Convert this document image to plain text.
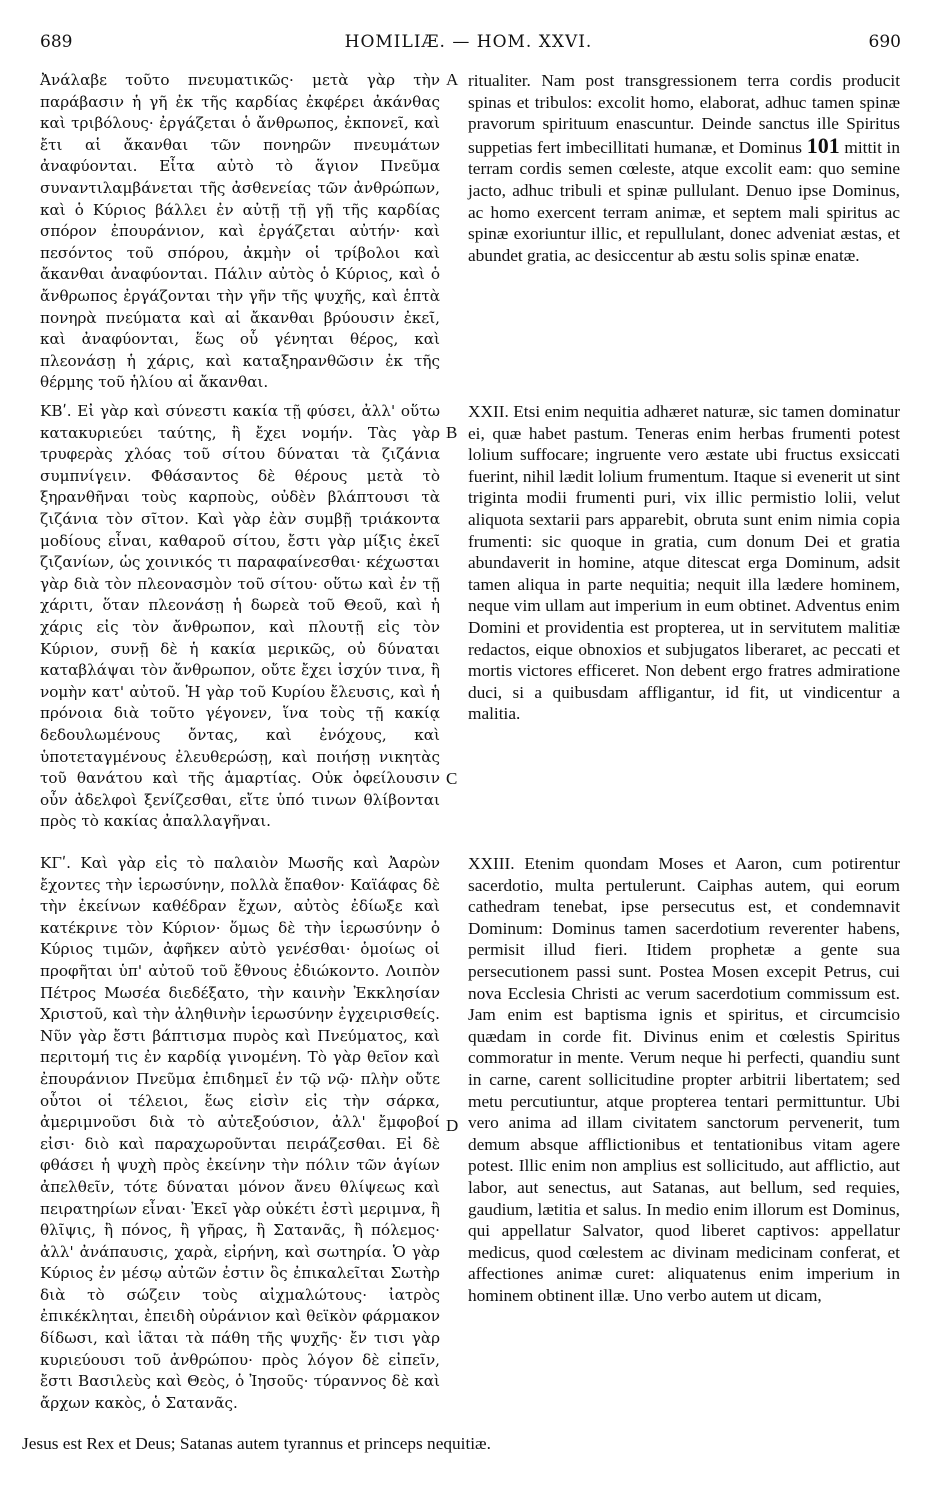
689	HOMILIÆ. — HOM. XXVI.	690

Ἀνάλαβε τοῦτο πνευματικῶς· μετὰ γὰρ τὴν παράβασιν ἡ γῆ ἐκ τῆς καρδίας ἐκφέρει ἀκάνθας καὶ τριβόλους· ἐργάζεται ὁ ἄνθρωπος, ἐκπονεῖ, καὶ ἔτι αἱ ἄκανθαι τῶν πονηρῶν πνευμάτων ἀναφύονται. Εἶτα αὐτὸ τὸ ἅγιον Πνεῦμα συναντιλαμβάνεται τῆς ἀσθενείας τῶν ἀνθρώπων, καὶ ὁ Κύριος βάλλει ἐν αὐτῇ τῇ γῇ τῆς καρδίας σπόρον ἐπουράνιον, καὶ ἐργάζεται αὐτήν· καὶ πεσόντος τοῦ σπόρου, ἀκμὴν οἱ τρίβολοι καὶ ἄκανθαι ἀναφύονται. Πάλιν αὐτὸς ὁ Κύριος, καὶ ὁ ἄνθρωπος ἐργάζονται τὴν γῆν τῆς ψυχῆς, καὶ ἑπτὰ πονηρὰ πνεύματα καὶ αἱ ἄκανθαι βρύουσιν ἐκεῖ, καὶ ἀναφύονται, ἕως οὗ γένηται θέρος, καὶ πλεονάσῃ ἡ χάρις, καὶ καταξηρανθῶσιν ἐκ τῆς θέρμης τοῦ ἡλίου αἱ ἄκανθαι.

ΚΒʹ. Εἰ γὰρ καὶ σύνεστι κακία τῇ φύσει, ἀλλ' οὕτω κατακυριεύει ταύτης, ἢ ἔχει νομήν. Τὰς γὰρ τρυφερὰς χλόας τοῦ σίτου δύναται τὰ ζιζάνια συμπνίγειν. Φθάσαντος δὲ θέρους μετὰ τὸ ξηρανθῆναι τοὺς καρποὺς, οὐδὲν βλάπτουσι τὰ ζιζάνια τὸν σῖτον. Καὶ γὰρ ἐὰν συμβῇ τριάκοντα μοδίους εἶναι, καθαροῦ σίτου, ἔστι γὰρ μίξις ἐκεῖ ζιζανίων, ὡς χοινικός τι παραφαίνεσθαι· κέχωσται γὰρ διὰ τὸν πλεονασμὸν τοῦ σίτου· οὕτω καὶ ἐν τῇ χάριτι, ὅταν πλεονάσῃ ἡ δωρεὰ τοῦ Θεοῦ, καὶ ἡ χάρις εἰς τὸν ἄνθρωπον, καὶ πλουτῇ εἰς τὸν Κύριον, συνῇ δὲ ἡ κακία μερικῶς, οὐ δύναται καταβλάψαι τὸν ἄνθρωπον, οὔτε ἔχει ἰσχύν τινα, ἢ νομὴν κατ' αὐτοῦ. Ἡ γὰρ τοῦ Κυρίου ἔλευσις, καὶ ἡ πρόνοια διὰ τοῦτο γέγονεν, ἵνα τοὺς τῇ κακίᾳ δεδουλωμένους ὄντας, καὶ ἐνόχους, καὶ ὑποτεταγμένους ἐλευθερώσῃ, καὶ ποιήσῃ νικητὰς τοῦ θανάτου καὶ τῆς ἁμαρτίας. Οὐκ ὀφείλουσιν οὖν ἀδελφοὶ ξενίζεσθαι, εἴτε ὑπό τινων θλίβονται πρὸς τὸ κακίας ἀπαλλαγῆναι.

ΚΓʹ. Καὶ γὰρ εἰς τὸ παλαιὸν Μωσῆς καὶ Ἀαρὼν ἔχοντες τὴν ἱερωσύνην, πολλὰ ἔπαθον· Καϊάφας δὲ τὴν ἐκείνων καθέδραν ἔχων, αὐτὸς ἐδίωξε καὶ κατέκρινε τὸν Κύριον· ὅμως δὲ τὴν ἱερωσύνην ὁ Κύριος τιμῶν, ἀφῆκεν αὐτὸ γενέσθαι· ὁμοίως οἱ προφῆται ὑπ' αὐτοῦ τοῦ ἔθνους ἐδιώκοντο. Λοιπὸν Πέτρος Μωσέα διεδέξατο, τὴν καινὴν Ἐκκλησίαν Χριστοῦ, καὶ τὴν ἀληθινὴν ἱερωσύνην ἐγχειρισθείς. Νῦν γὰρ ἔστι βάπτισμα πυρὸς καὶ Πνεύματος, καὶ περιτομή τις ἐν καρδίᾳ γινομένη. Τὸ γὰρ θεῖον καὶ ἐπουράνιον Πνεῦμα ἐπιδημεῖ ἐν τῷ νῷ· πλὴν οὔτε οὗτοι οἱ τέλειοι, ἕως εἰσὶν εἰς τὴν σάρκα, ἀμεριμνοῦσι διὰ τὸ αὐτεξούσιον, ἀλλ' ἔμφοβοί εἰσι· διὸ καὶ παραχωροῦνται πειράζεσθαι. Εἰ δὲ φθάσει ἡ ψυχὴ πρὸς ἐκείνην τὴν πόλιν τῶν ἁγίων ἀπελθεῖν, τότε δύναται μόνον ἄνευ θλίψεως καὶ πειρατηρίων εἶναι· Ἐκεῖ γὰρ οὐκέτι ἐστὶ μεριμνα, ἢ θλῖψις, ἢ πόνος, ἢ γῆρας, ἢ Σατανᾶς, ἢ πόλεμος· ἀλλ' ἀνάπαυσις, χαρὰ, εἰρήνη, καὶ σωτηρία. Ὁ γὰρ Κύριος ἐν μέσῳ αὐτῶν ἐστιν ὃς ἐπικαλεῖται Σωτὴρ διὰ τὸ σώζειν τοὺς αἰχμαλώτους· ἰατρὸς ἐπικέκληται, ἐπειδὴ οὐράνιον καὶ θεϊκὸν φάρμακον δίδωσι, καὶ ἰᾶται τὰ πάθη τῆς ψυχῆς· ἔν τισι γὰρ κυριεύουσι τοῦ ἀνθρώπου· πρὸς λόγον δὲ εἰπεῖν, ἔστι Βασιλεὺς καὶ Θεὸς, ὁ Ἰησοῦς· τύραννος δὲ καὶ ἄρχων κακὸς, ὁ Σατανᾶς.

A
B
C
D

ritualiter. Nam post transgressionem terra cordis producit spinas et tribulos: excolit homo, elaborat, adhuc tamen spinæ pravorum spirituum enascuntur. Deinde sanctus ille Spiritus suppetias fert imbecillitati humanæ, et Dominus 101 mittit in terram cordis semen cœleste, atque excolit eam: quo semine jacto, adhuc tribuli et spinæ pullulant. Denuo ipse Dominus, ac homo exercent terram animæ, et septem mali spiritus ac spinæ exoriuntur illic, et repullulant, donec adveniat æstas, et abundet gratia, ac desiccentur ab æstu solis spinæ enatæ.

XXII. Etsi enim nequitia adhæret naturæ, sic tamen dominatur ei, quæ habet pastum. Teneras enim herbas frumenti potest lolium suffocare; ingruente vero æstate ubi fructus exsiccati fuerint, nihil lædit lolium frumentum. Itaque si evenerit ut sint triginta modii frumenti puri, vix illic permistio lolii, velut aliquota sextarii pars apparebit, obruta sunt enim nimia copia frumenti: sic quoque in gratia, cum donum Dei et gratia abundaverit in homine, atque ditescat erga Dominum, adsit tamen aliqua in parte nequitia; nequit illa lædere hominem, neque vim ullam aut imperium in eum obtinet. Adventus enim Domini et providentia est propterea, ut in servitutem malitiæ redactos, eique obnoxios et subjugatos liberaret, ac peccati et mortis victores efficeret. Non debent ergo fratres admiratione duci, si a quibusdam affligantur, id fit, ut vindicentur a malitia.

XXIII. Etenim quondam Moses et Aaron, cum potirentur sacerdotio, multa pertulerunt. Caiphas autem, qui eorum cathedram tenebat, ipse persecutus est, et condemnavit Dominum: Dominus tamen sacerdotium reverenter habens, permisit illud fieri. Itidem prophetæ a gente sua persecutionem passi sunt. Postea Mosen excepit Petrus, cui nova Ecclesia Christi ac verum sacerdotium commissum est. Jam enim est baptisma ignis et spiritus, et circumcisio quædam in corde fit. Divinus enim et cœlestis Spiritus commoratur in mente. Verum neque hi perfecti, quandiu sunt in carne, carent sollicitudine propter arbitrii libertatem; sed metu percutiuntur, atque propterea tentari permittuntur. Ubi vero anima ad illam civitatem sanctorum pervenerit, tum demum absque afflictionibus et tentationibus vitam agere potest. Illic enim non amplius est sollicitudo, aut afflictio, aut labor, aut senectus, aut Satanas, aut bellum, sed requies, gaudium, lætitia et salus. In medio enim illorum est Dominus, qui appellatur Salvator, quod liberet captivos: appellatur medicus, quod cœlestem ac divinam medicinam conferat, et affectiones animæ curet: aliquatenus enim imperium in hominem obtinent illæ. Uno verbo autem ut dicam,

Jesus est Rex et Deus; Satanas autem tyrannus et princeps nequitiæ.
